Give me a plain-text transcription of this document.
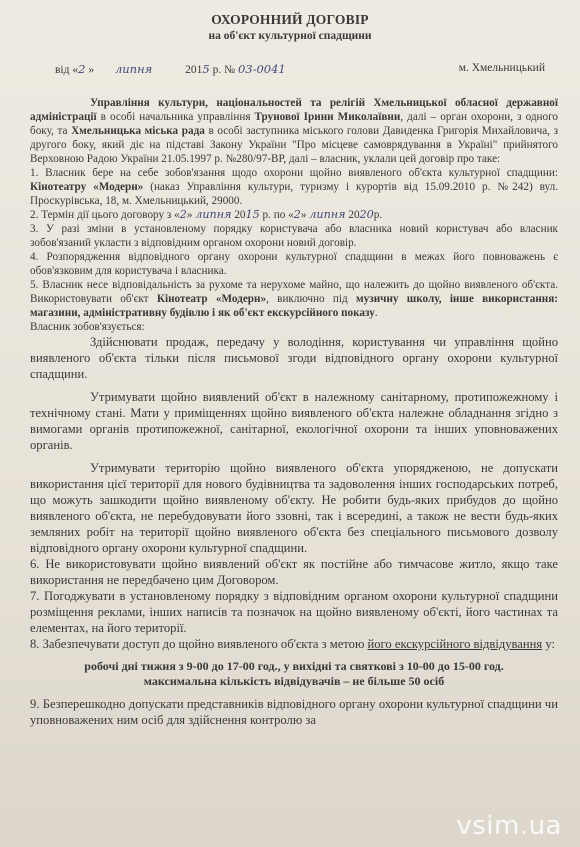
ОХОРОННИЙ ДОГОВІР
на об'єкт культурної спадщини
від «2 » липня	2015 р. № 03-0041	м. Хмельницький

Управління культури, національностей та релігій Хмельницької обласної державної адміністрації в особі начальника управління Трунової Ірини Миколаївни, далі – орган охорони, з одного боку, та Хмельницька міська рада в особі заступника міського голови Давиденка Григорія Михайловича, з другого боку, який діє на підставі Закону України "Про місцеве самоврядування в Україні" прийнятого Верховною Радою України 21.05.1997 р. №280/97-ВР, далі – власник, уклали цей договір про таке:

1. Власник бере на себе зобов'язання щодо охорони щойно виявленого об'єкта культурної спадщини: Кінотеатру «Модерн» (наказ Управління культури, туризму і курортів від 15.09.2010 р. №242) вул. Проскурівська, 18, м. Хмельницький, 29000.

2. Термін дії цього договору з «2» липня 2015 р. по «2» липня 2020р.

3. У разі зміни в установленому порядку користувача або власника новий користувач або власник зобов'язаний укласти з відповідним органом охорони новий договір.

4. Розпорядження відповідного органу охорони культурної спадщини в межах його повноважень є обов'язковим для користувача і власника.

5. Власник несе відповідальність за рухоме та нерухоме майно, що належить до щойно виявленого об'єкта. Використовувати об'єкт Кінотеатр «Модерн», виключно під музичну школу, інше використання: магазини, адміністративну будівлю і як об'єкт екскурсійного показу.

Власник зобов'язується:

Здійснювати продаж, передачу у володіння, користування чи управління щойно виявленого об'єкта тільки після письмової згоди відповідного органу охорони культурної спадщини.

Утримувати щойно виявлений об'єкт в належному санітарному, протипожежному і технічному стані. Мати у приміщеннях щойно виявленого об'єкта належне обладнання згідно з вимогами органів протипожежної, санітарної, екологічної охорони та інших уповноважених органів.

Утримувати територію щойно виявленого об'єкта упорядженою, не допускати використання цієї території для нового будівництва та задоволення інших господарських потреб, що можуть зашкодити щойно виявленому об'єкту. Не робити будь-яких прибудов до щойно виявленого об'єкта, не перебудовувати його ззовні, так і всередині, а також не вести будь-яких земляних робіт на території щойно виявленого об'єкта без спеціального письмового дозволу відповідного органу охорони культурної спадщини.

6. Не використовувати щойно виявлений об'єкт як постійне або тимчасове житло, якщо таке використання не передбачено цим Договором.

7. Погоджувати в установленому порядку з відповідним органом охорони культурної спадщини розміщення реклами, інших написів та позначок на щойно виявленому об'єкті, його частинах та елементах, на його території.

8. Забезпечувати доступ до щойно виявленого об'єкта з метою його екскурсійного відвідування у:

робочі дні тижня з 9-00 до 17-00 год., у вихідні та святкові з 10-00 до 15-00 год.

максимальна кількість відвідувачів – не більше 50 осіб

9. Безперешкодно допускати представників відповідного органу охорони культурної спадщини чи уповноважених ним осіб для здійснення контролю за

vsim.ua
